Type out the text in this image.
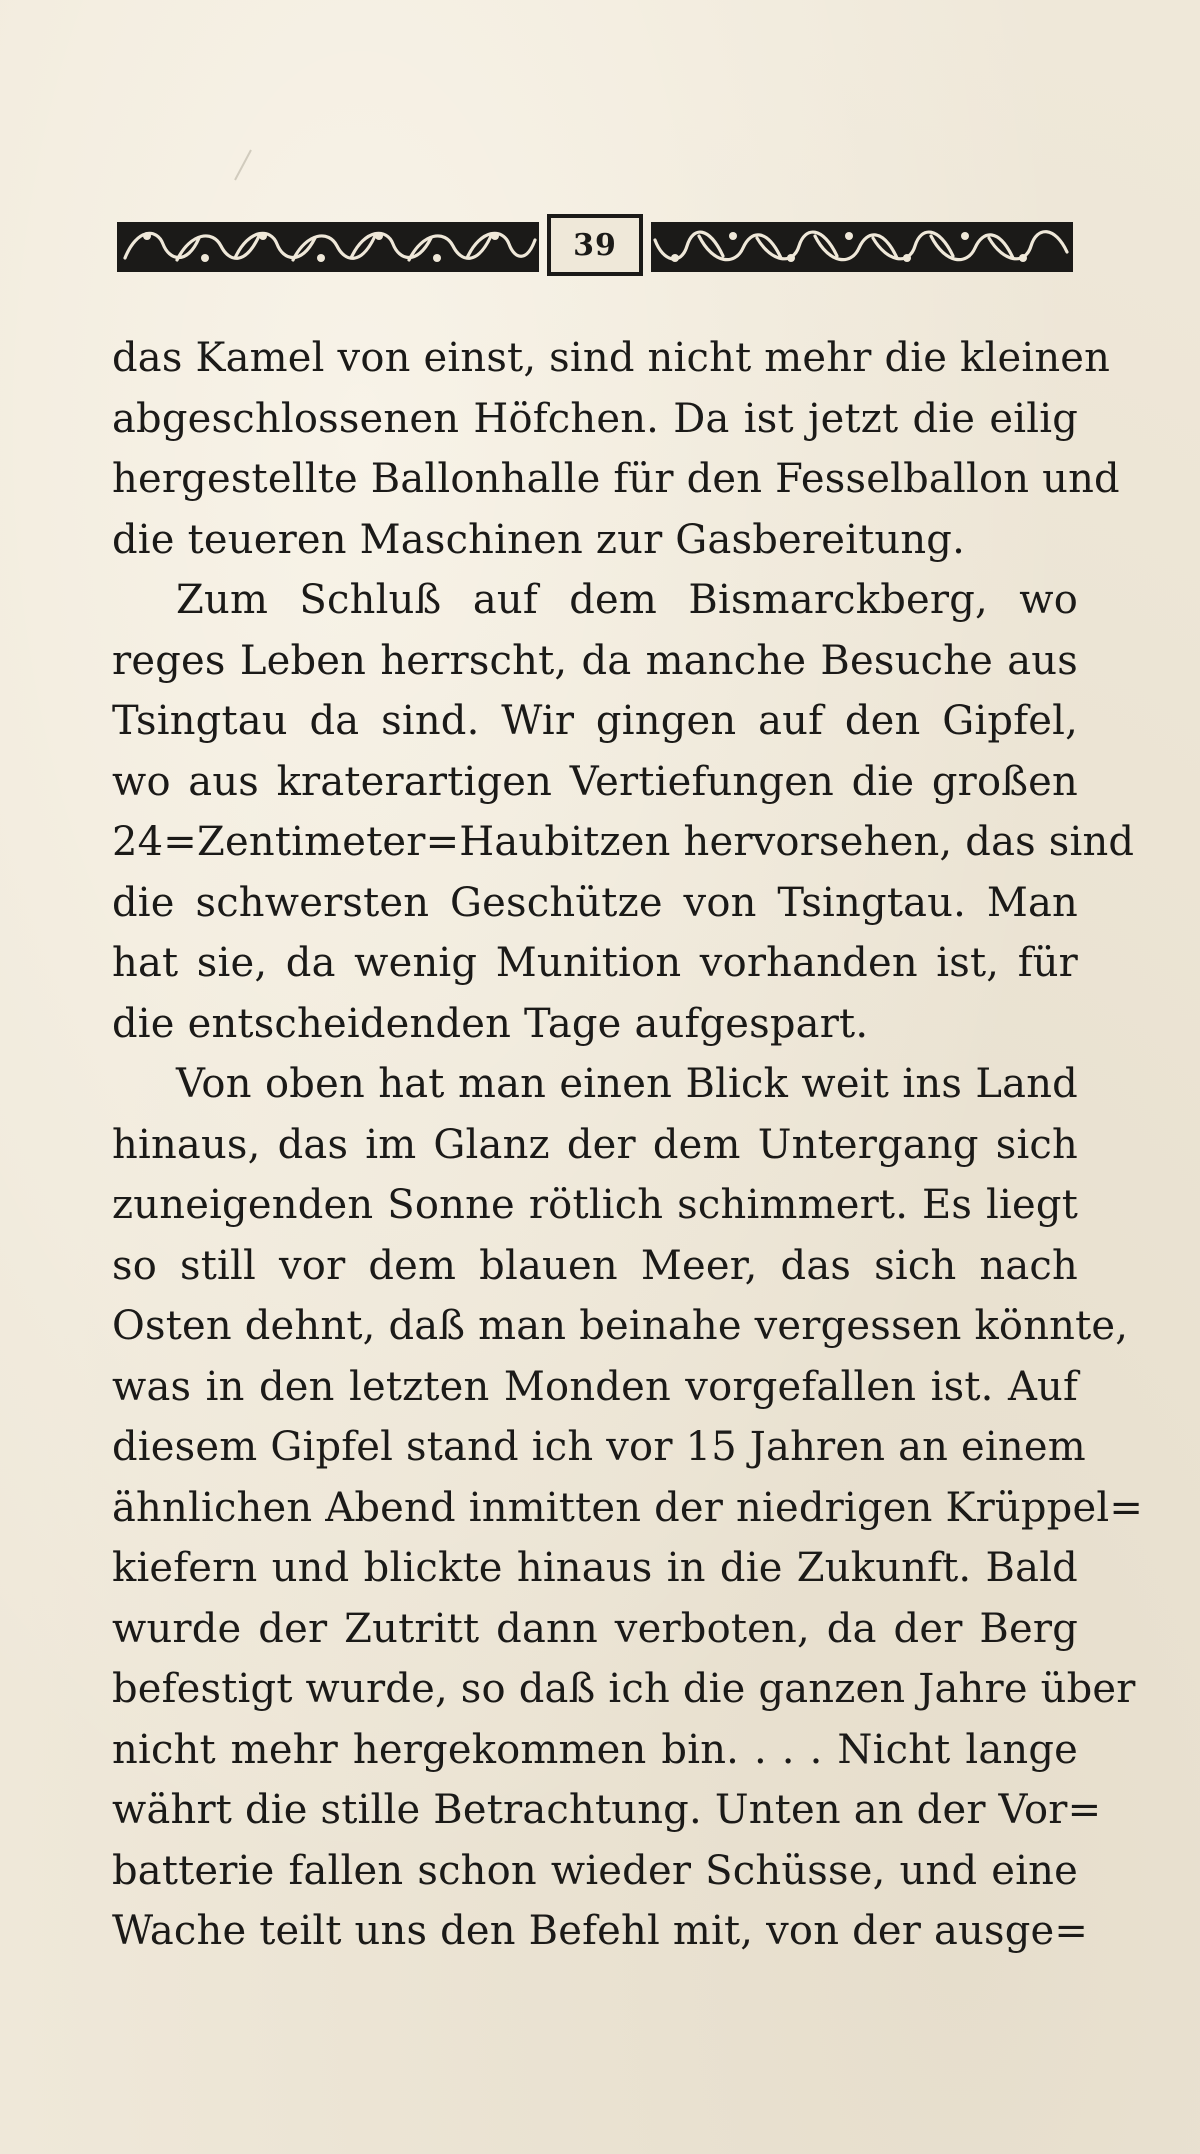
39
das Kamel von einst, sind nicht mehr die kleinen
abgeschlossenen Höfchen. Da ist jetzt die eilig
hergestellte Ballonhalle für den Fesselballon und
die teueren Maschinen zur Gasbereitung.
Zum Schluß auf dem Bismarckberg, wo
reges Leben herrscht, da manche Besuche aus
Tsingtau da sind. Wir gingen auf den Gipfel,
wo aus kraterartigen Vertiefungen die großen
24=Zentimeter=Haubitzen hervorsehen, das sind
die schwersten Geschütze von Tsingtau. Man
hat sie, da wenig Munition vorhanden ist, für
die entscheidenden Tage aufgespart.
Von oben hat man einen Blick weit ins Land
hinaus, das im Glanz der dem Untergang sich
zuneigenden Sonne rötlich schimmert. Es liegt
so still vor dem blauen Meer, das sich nach
Osten dehnt, daß man beinahe vergessen könnte,
was in den letzten Monden vorgefallen ist. Auf
diesem Gipfel stand ich vor 15 Jahren an einem
ähnlichen Abend inmitten der niedrigen Krüppel=
kiefern und blickte hinaus in die Zukunft. Bald
wurde der Zutritt dann verboten, da der Berg
befestigt wurde, so daß ich die ganzen Jahre über
nicht mehr hergekommen bin. . . . Nicht lange
währt die stille Betrachtung. Unten an der Vor=
batterie fallen schon wieder Schüsse, und eine
Wache teilt uns den Befehl mit, von der ausge=
